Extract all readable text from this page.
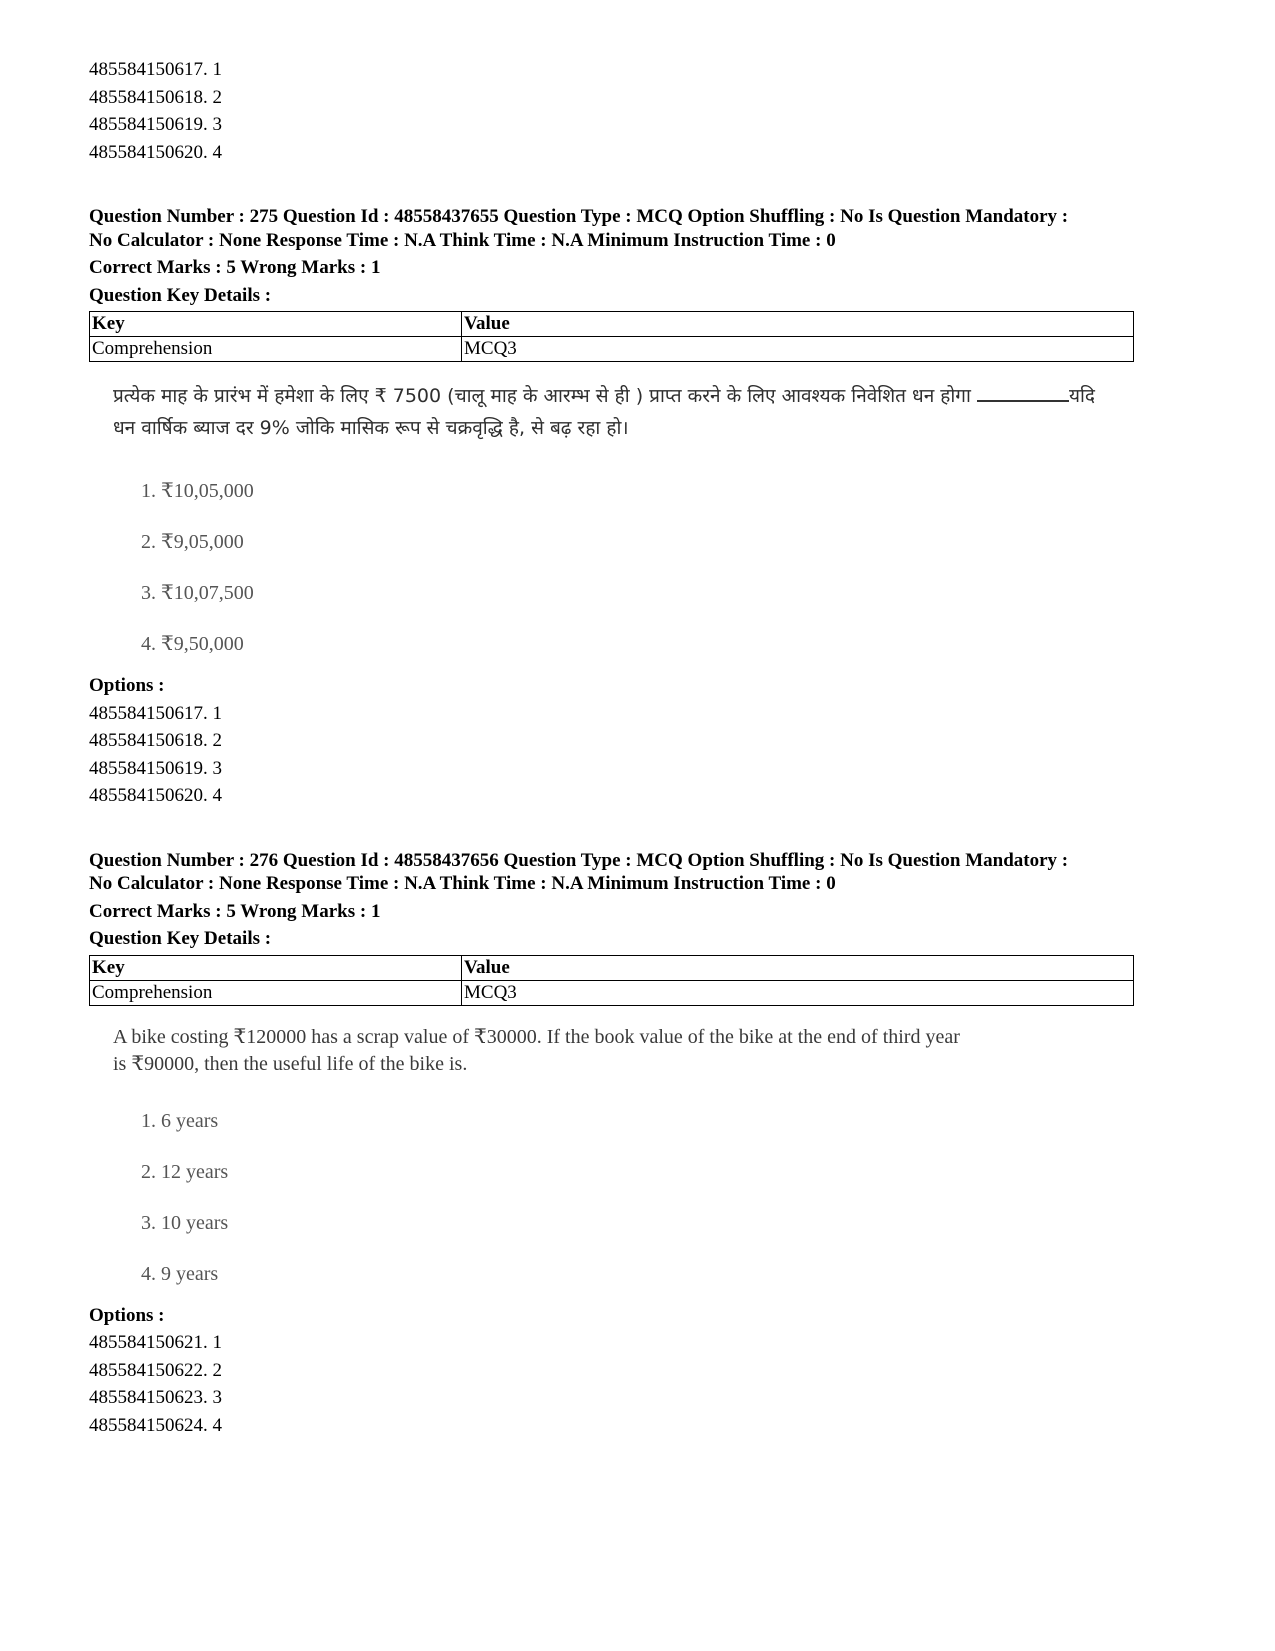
485584150617. 1
485584150618. 2
485584150619. 3
485584150620. 4
Question Number : 275 Question Id : 48558437655 Question Type : MCQ Option Shuffling : No Is Question Mandatory :
No Calculator : None Response Time : N.A Think Time : N.A Minimum Instruction Time : 0
Correct Marks : 5 Wrong Marks : 1
Question Key Details :
Key	Value
Comprehension	MCQ3
प्रत्येक माह के प्रारंभ में हमेशा के लिए ₹ 7500 (चालू माह के आरम्भ से ही ) प्राप्त करने के लिए आवश्यक निवेशित धन होगा	यदि धन वार्षिक ब्याज दर 9% जोकि मासिक रूप से चक्रवृद्धि है, से बढ़ रहा हो।
1. ₹10,05,000
2. ₹9,05,000
3. ₹10,07,500
4. ₹9,50,000
Options :
485584150617. 1
485584150618. 2
485584150619. 3
485584150620. 4
Question Number : 276 Question Id : 48558437656 Question Type : MCQ Option Shuffling : No Is Question Mandatory :
No Calculator : None Response Time : N.A Think Time : N.A Minimum Instruction Time : 0
Correct Marks : 5 Wrong Marks : 1
Question Key Details :
Key	Value
Comprehension	MCQ3
A bike costing ₹120000 has a scrap value of ₹30000. If the book value of the bike at the end of third year
is ₹90000, then the useful life of the bike is.
1. 6 years
2. 12 years
3. 10 years
4. 9 years
Options :
485584150621. 1
485584150622. 2
485584150623. 3
485584150624. 4
